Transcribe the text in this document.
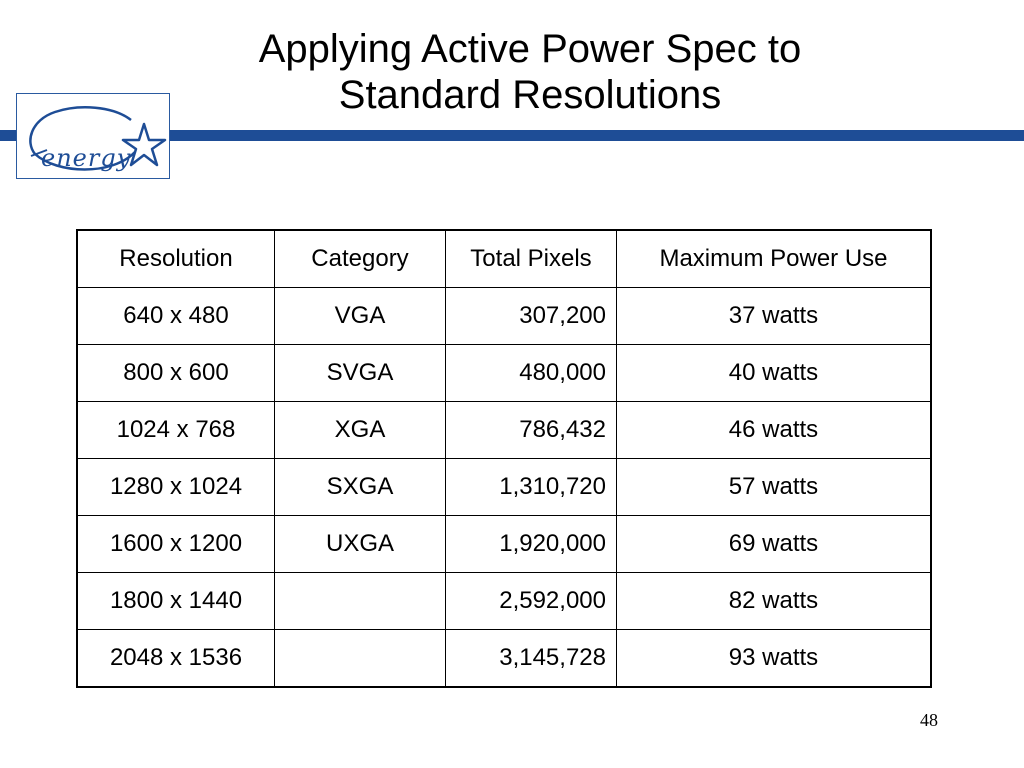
Applying Active Power Spec to
Standard Resolutions
energy
Resolution	Category	Total Pixels	Maximum Power Use
640 x 480	VGA	307,200	37 watts
800 x 600	SVGA	480,000	40 watts
1024 x 768	XGA	786,432	46 watts
1280 x 1024	SXGA	1,310,720	57 watts
1600 x 1200	UXGA	1,920,000	69 watts
1800 x 1440		2,592,000	82 watts
2048 x 1536		3,145,728	93 watts
48
